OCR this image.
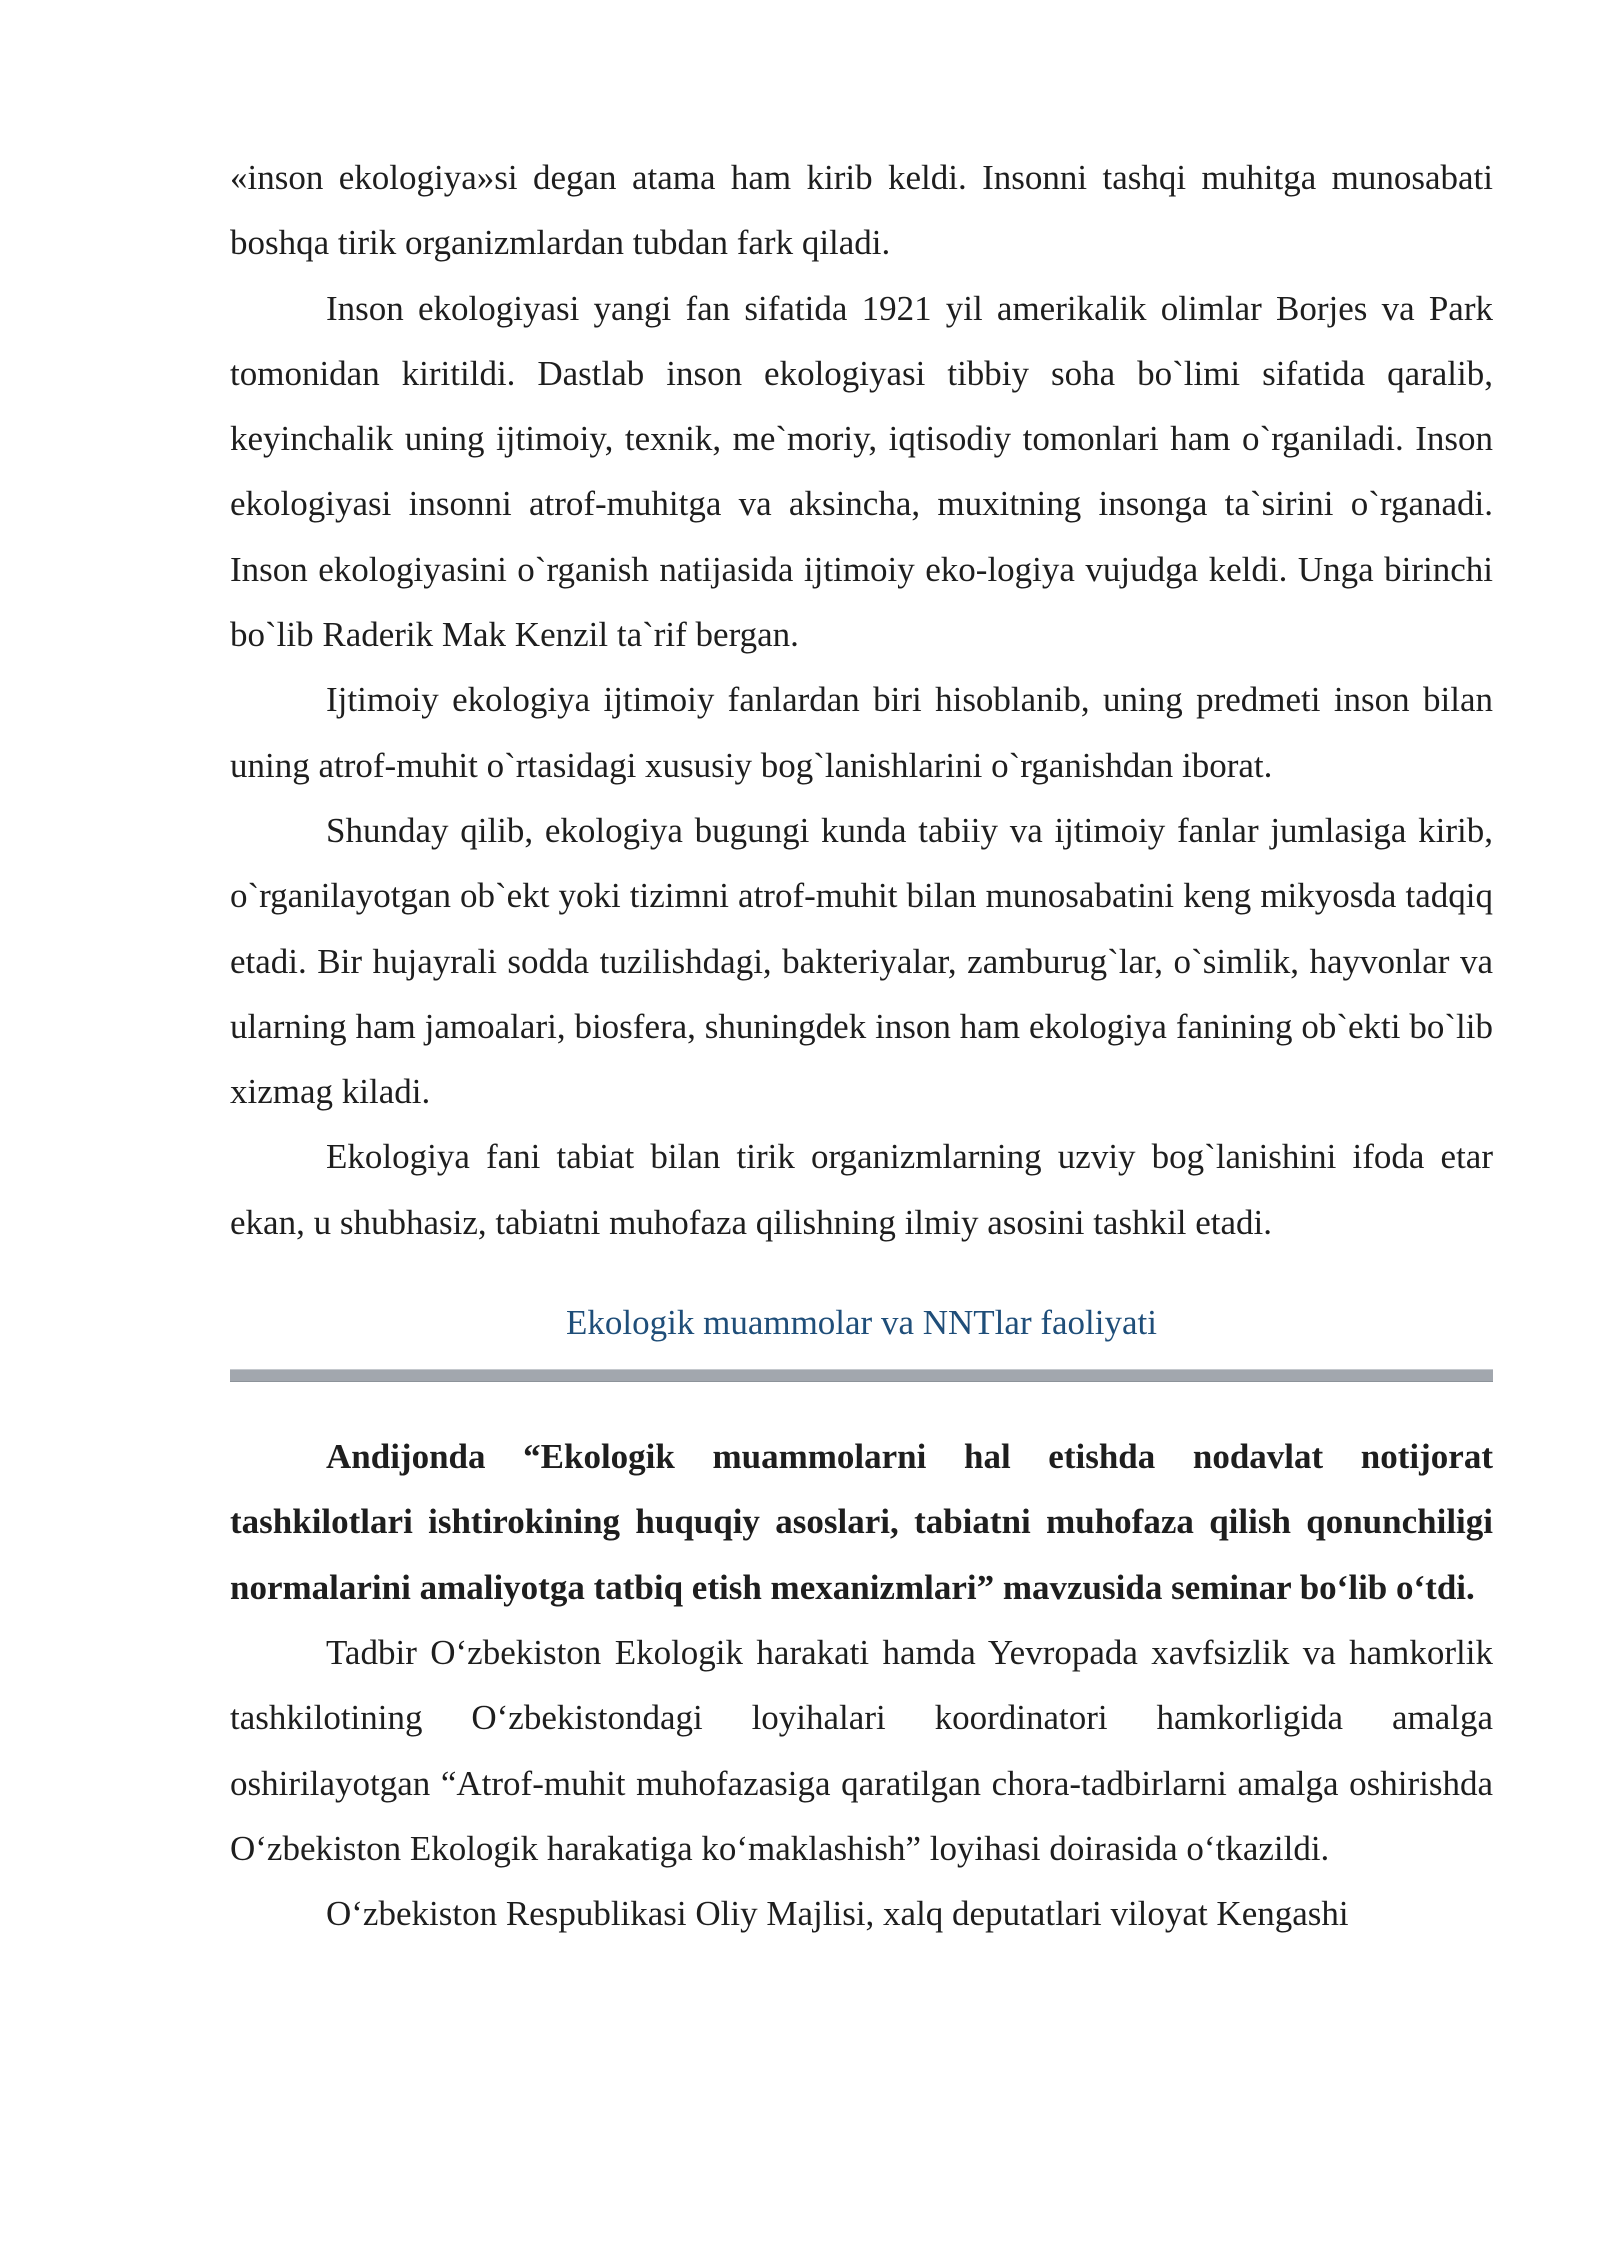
«inson ekologiya»si degan atama ham kirib keldi. Insonni tashqi muhitga munosabati boshqa tirik organizmlardan tubdan fark qiladi.

Inson ekologiyasi yangi fan sifatida 1921 yil amerikalik olimlar Borjes va Park tomonidan kiritildi. Dastlab inson ekologiyasi tibbiy soha bo`limi sifatida qaralib, keyinchalik uning ijtimoiy, texnik, me`moriy, iqtisodiy tomonlari ham o`rganiladi. Inson ekologiyasi insonni atrof-muhitga va aksincha, muxitning insonga ta`sirini o`rganadi. Inson ekologiyasini o`rganish natijasida ijtimoiy eko-logiya vujudga keldi. Unga birinchi bo`lib Raderik Mak Kenzil ta`rif bergan.

Ijtimoiy ekologiya ijtimoiy fanlardan biri hisoblanib, uning predmeti inson bilan uning atrof-muhit o`rtasidagi xususiy bog`lanishlarini o`rganishdan iborat.

Shunday qilib, ekologiya bugungi kunda tabiiy va ijtimoiy fanlar jumlasiga kirib, o`rganilayotgan ob`ekt yoki tizimni atrof-muhit bilan munosabatini keng mikyosda tadqiq etadi. Bir hujayrali sodda tuzilishdagi, bakteriyalar, zamburug`lar, o`simlik, hayvonlar va ularning ham jamoalari, biosfera, shuningdek inson ham ekologiya fanining ob`ekti bo`lib xizmag kiladi.

Ekologiya fani tabiat bilan tirik organizmlarning uzviy bog`lanishini ifoda etar ekan, u shubhasiz, tabiatni muhofaza qilishning ilmiy asosini tashkil etadi.

Ekologik muammolar va NNTlar faoliyati

Andijonda “Ekologik muammolarni hal etishda nodavlat notijorat tashkilotlari ishtirokining huquqiy asoslari, tabiatni muhofaza qilish qonunchiligi normalarini amaliyotga tatbiq etish mexanizmlari” mavzusida seminar bo‘lib o‘tdi.

Tadbir O‘zbekiston Ekologik harakati hamda Yevropada xavfsizlik va hamkorlik tashkilotining O‘zbekistondagi loyihalari koordinatori hamkorligida amalga oshirilayotgan “Atrof-muhit muhofazasiga qaratilgan chora-tadbirlarni amalga oshirishda O‘zbekiston Ekologik harakatiga ko‘maklashish” loyihasi doirasida o‘tkazildi.

O‘zbekiston Respublikasi Oliy Majlisi, xalq deputatlari viloyat Kengashi
